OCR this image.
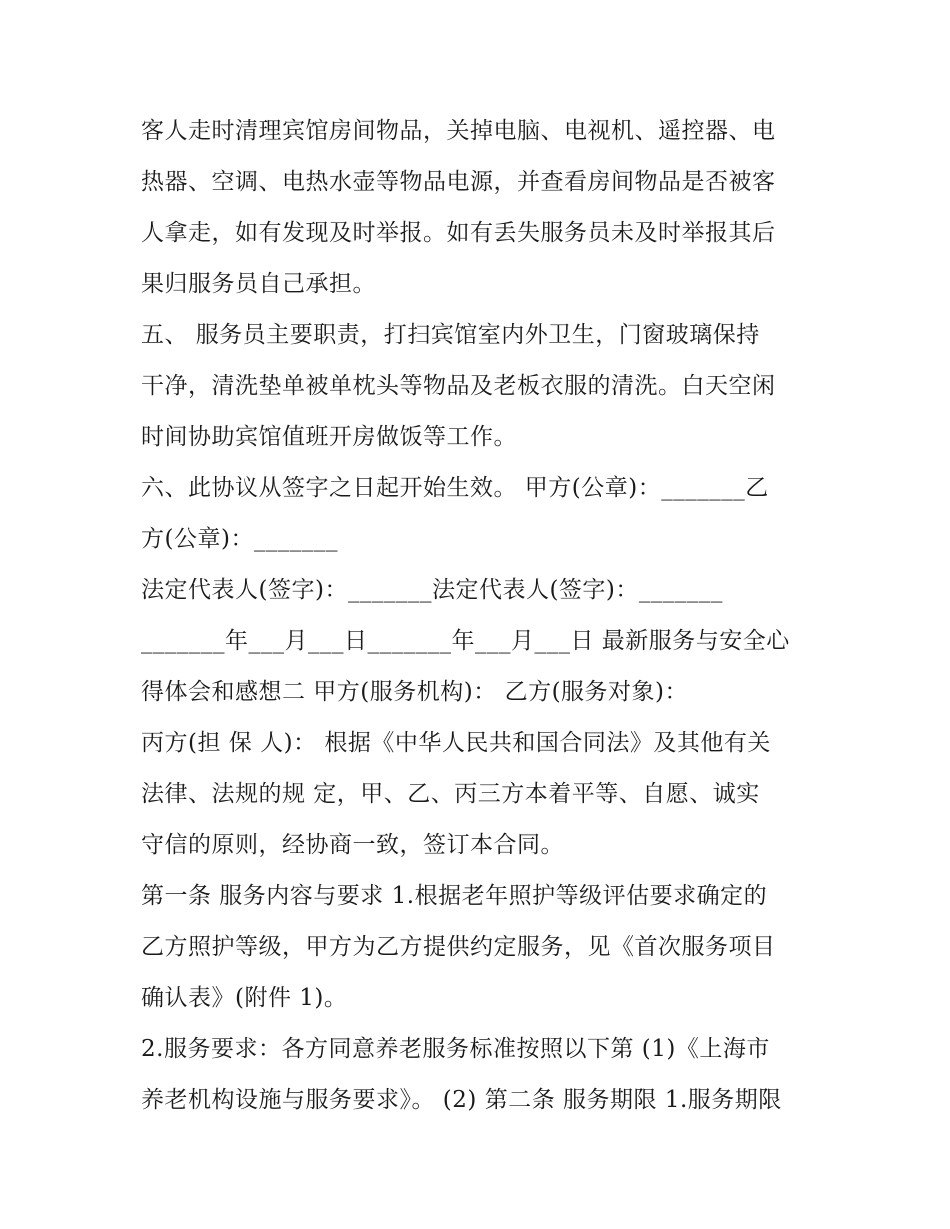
客人走时清理宾馆房间物品，关掉电脑、电视机、遥控器、电
热器、空调、电热水壶等物品电源，并查看房间物品是否被客
人拿走，如有发现及时举报。如有丢失服务员未及时举报其后
果归服务员自己承担。
五、 服务员主要职责，打扫宾馆室内外卫生，门窗玻璃保持
干净，清洗垫单被单枕头等物品及老板衣服的清洗。白天空闲
时间协助宾馆值班开房做饭等工作。
六、此协议从签字之日起开始生效。 甲方(公章)：_______乙
方(公章)：_______
法定代表人(签字)：_______法定代表人(签字)：_______
_______年___月___日_______年___月___日 最新服务与安全心
得体会和感想二 甲方(服务机构)： 乙方(服务对象)：
丙方(担 保 人)： 根据《中华人民共和国合同法》及其他有关
法律、法规的规 定，甲、乙、丙三方本着平等、自愿、诚实
守信的原则，经协商一致，签订本合同。
第一条 服务内容与要求 1.根据老年照护等级评估要求确定的
乙方照护等级，甲方为乙方提供约定服务，见《首次服务项目
确认表》(附件 1)。
2.服务要求：各方同意养老服务标准按照以下第 (1)《上海市
养老机构设施与服务要求》。 (2) 第二条 服务期限 1.服务期限
